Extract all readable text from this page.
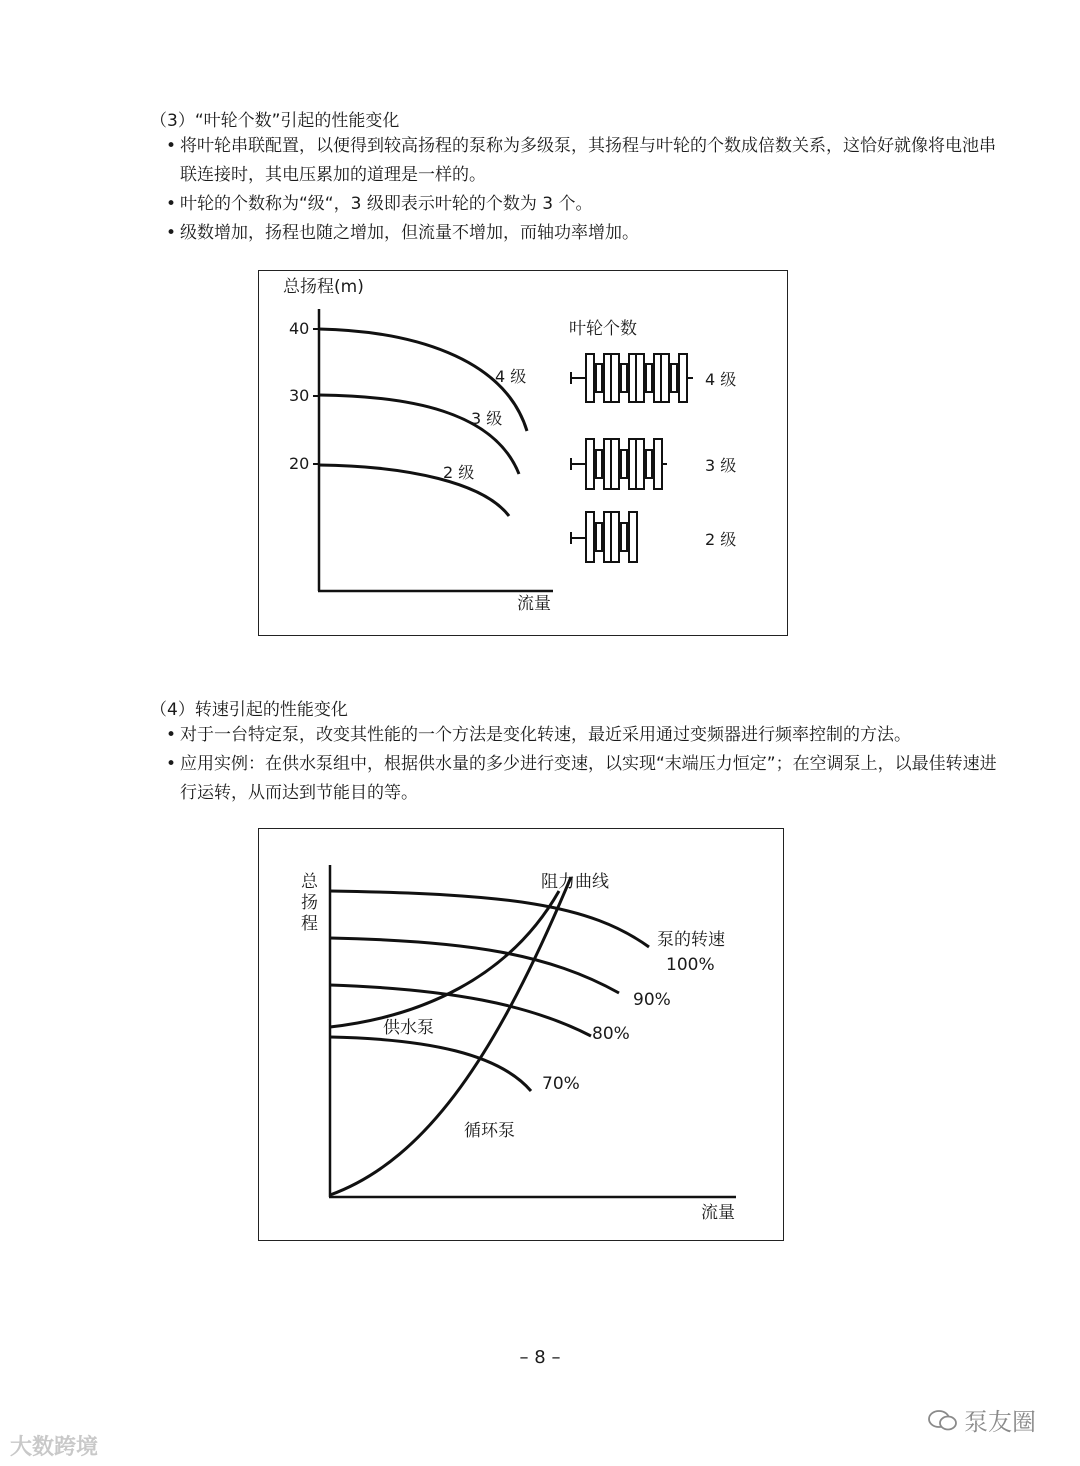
（3）“叶轮个数”引起的性能变化
• 将叶轮串联配置，以便得到较高扬程的泵称为多级泵，其扬程与叶轮的个数成倍数关系，这恰好就像将电池串联连接时，其电压累加的道理是一样的。
• 叶轮的个数称为“级“，3 级即表示叶轮的个数为 3 个。
• 级数增加，扬程也随之增加，但流量不增加，而轴功率增加。
总扬程(m)
40
30
20
4 级
3 级
2 级
流量
叶轮个数
4 级
3 级
2 级
（4）转速引起的性能变化
• 对于一台特定泵，改变其性能的一个方法是变化转速，最近采用通过变频器进行频率控制的方法。
• 应用实例：在供水泵组中，根据供水量的多少进行变速，以实现“末端压力恒定”；在空调泵上，以最佳转速进行运转，从而达到节能目的等。
总
扬
程
阻力曲线
泵的转速
100%
90%
80%
70%
供水泵
循环泵
流量
– 8 –
大数跨境
泵友圈
